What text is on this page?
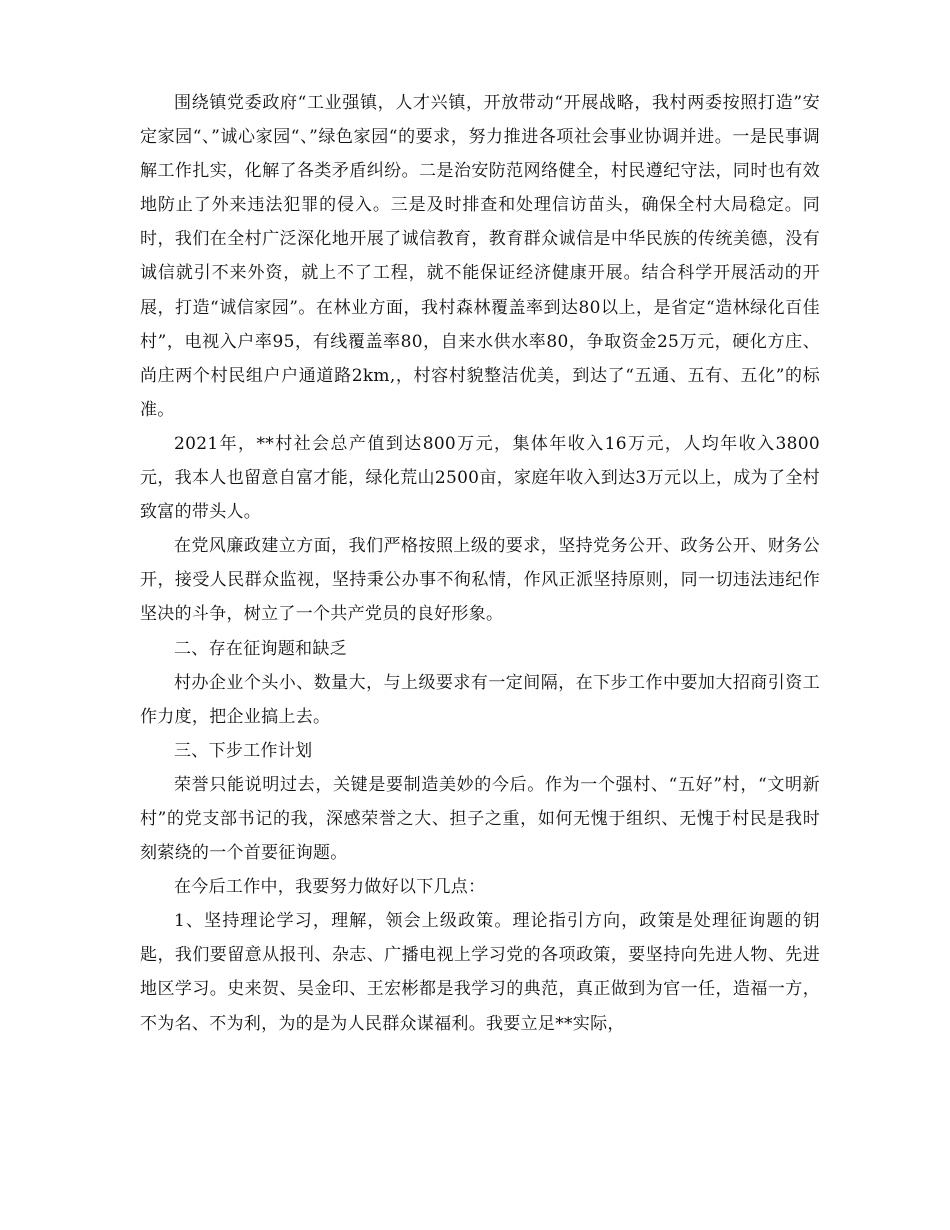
围绕镇党委政府“工业强镇，人才兴镇，开放带动“开展战略，我村两委按照打造”安定家园“、”诚心家园“、”绿色家园“的要求，努力推进各项社会事业协调并进。一是民事调解工作扎实，化解了各类矛盾纠纷。二是治安防范网络健全，村民遵纪守法，同时也有效地防止了外来违法犯罪的侵入。三是及时排查和处理信访苗头，确保全村大局稳定。同时，我们在全村广泛深化地开展了诚信教育，教育群众诚信是中华民族的传统美德，没有诚信就引不来外资，就上不了工程，就不能保证经济健康开展。结合科学开展活动的开展，打造“诚信家园”。在林业方面，我村森林覆盖率到达80以上，是省定“造林绿化百佳村”，电视入户率95，有线覆盖率80，自来水供水率80，争取资金25万元，硬化方庄、尚庄两个村民组户户通道路2km,，村容村貌整洁优美，到达了“五通、五有、五化”的标准。

2021年，**村社会总产值到达800万元，集体年收入16万元，人均年收入3800元，我本人也留意自富才能，绿化荒山2500亩，家庭年收入到达3万元以上，成为了全村致富的带头人。

在党风廉政建立方面，我们严格按照上级的要求，坚持党务公开、政务公开、财务公开，接受人民群众监视，坚持秉公办事不徇私情，作风正派坚持原则，同一切违法违纪作坚决的斗争，树立了一个共产党员的良好形象。

二、存在征询题和缺乏

村办企业个头小、数量大，与上级要求有一定间隔，在下步工作中要加大招商引资工作力度，把企业搞上去。

三、下步工作计划

荣誉只能说明过去，关键是要制造美妙的今后。作为一个强村、“五好”村，“文明新村”的党支部书记的我，深感荣誉之大、担子之重，如何无愧于组织、无愧于村民是我时刻萦绕的一个首要征询题。

在今后工作中，我要努力做好以下几点：

1、坚持理论学习，理解，领会上级政策。理论指引方向，政策是处理征询题的钥匙，我们要留意从报刊、杂志、广播电视上学习党的各项政策，要坚持向先进人物、先进地区学习。史来贺、吴金印、王宏彬都是我学习的典范，真正做到为官一任，造福一方，不为名、不为利，为的是为人民群众谋福利。我要立足**实际，
